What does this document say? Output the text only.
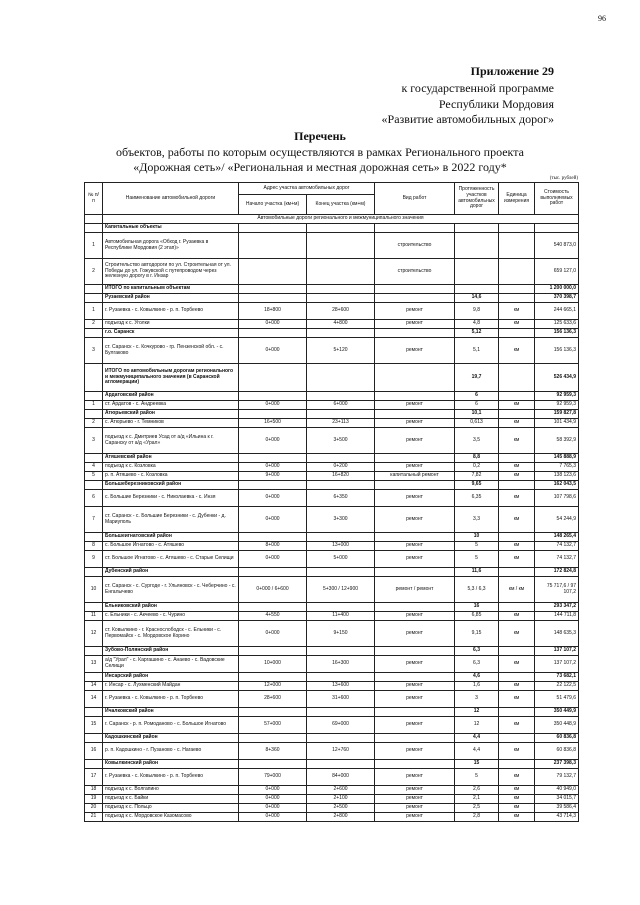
96
Приложение 29
к государственной программе
Республики Мордовия
«Развитие автомобильных дорог»
Перечень
объектов, работы по которым осуществляются в рамках Регионального проекта
«Дорожная сеть»/ «Региональная и местная дорожная сеть» в 2022 году*
(тыс. рублей)
№ п/п	Наименование автомобильной дороги	Адрес участка автомобильных дорог		Вид работ	Протяженность участков автомобильных дорог	Единица измерения	Стоимость выполняемых работ
		Начало участка (км+м)	Конец участка (км+м)				
	Автомобильные дороги регионального и межмуниципального значения						
	Капитальные объекты						
1	Автомобильная дорога «Обход г. Рузаевка в Республике Мордовия (2 этап)»			строительство			540 873,0
2	Строительство автодороги по ул. Строительная от ул. Победы до ул. Гожувской с путепроводом через железную дорогу в г. Инзар			строительство			659 127,0
	ИТОГО по капитальным объектам						1 200 000,0
	Рузаевский район				14,6		370 398,7
1	г. Рузаевка - с. Ковылкино - р. п. Торбеево	18+800	28+600	ремонт	9,8	км	244 665,1
2	подъезд к с. Уголки	0+000	4+800	ремонт	4,8	км	125 633,6
	г.о. Саранск				5,12		156 136,3
3	ст. Саранск - с. Кочкурово - гр. Пензенской обл. - с. Булгаково	0+000	5+120	ремонт	5,1	км	156 136,3
	ИТОГО по автомобильным дорогам регионального и межмуниципального значения (в Саранской агломерации)				19,7		526 434,9
	Ардатовский район				6		92 959,3
1	ст. Ардатов - с. Андреевка	0+000	6+000	ремонт	6	км	92 959,3
	Атюрьевский район				10,1		159 827,8
2	с. Атюрьево - г. Темников	16+500	23+113	ремонт	0,613	км	101 434,9
3	подъезд к с. Дмитриев Усад от а/д «Ильина к г. Саранску от а/д «Урал»	0+000	3+500	ремонт	3,5	км	58 392,9
	Атяшевский район				8,8		145 888,9
4	подъезд к с. Козловка	0+000	0+200	ремонт	0,2	км	7 765,3
5	р. п. Атяшево - с. Козловка	9+000	16+820	капитальный ремонт	7,82	км	138 123,6
	Большеберезниковский район				9,65		162 043,5
6	с. Большие Березники - с. Николаевка - с. Инзя	0+000	6+350	ремонт	6,35	км	107 798,6
7	ст. Саранск - с. Большие Березники - с. Дубенки - д. Мариуполь	0+000	3+300	ремонт	3,3	км	54 244,9
	Большеигнатовский район				10		148 265,4
8	с. Большое Игнатово - с. Атяшево	8+000	13+000	ремонт	5	км	74 132,7
9	ст. Большое Игнатово - с. Атяшево - с. Старые Селищи	0+000	5+000	ремонт	5	км	74 132,7
	Дубенский район				11,6		172 824,8
10	ст. Саранск - с. Сургоде - г. Ульяновск - с. Чеберчино - с. Енгалычево	0+000 / 6+600	5+300 / 12+900	ремонт / ремонт	5,3 / 6,3	км / км	75 717,6 / 97 107,2
	Ельниковский район				16		293 347,2
11	с. Ельники - с. Акчеево - с. Чурино	4+550	11+400	ремонт	6,85	км	144 711,8
12	ст. Ковылкино - г. Краснослободск - с. Ельники - с. Первомайск - с. Мордовское Корино	0+000	9+150	ремонт	9,15	км	148 635,3
	Зубово-Полянский район				6,3		137 107,2
13	а/д "Урал" - с. Каргашино - с. Анаево - с. Вадовские Селищи	10+000	16+300	ремонт	6,3	км	137 107,2
	Инсарский район				4,6		73 682,1
14	г. Инсар - с. Лухменский Майдан	12+000	13+600	ремонт	1,6	км	22 122,5
14	г. Рузаевка - с. Ковылкино - р. п. Торбеево	28+600	31+600	ремонт	3	км	51 479,6
	Ичалковский район				12		350 449,9
15	г. Саранск - р. п. Ромодановo - с. Большое Игнатово	57+000	69+000	ремонт	12	км	350 448,9
	Кадошкинский район				4,4		60 836,8
16	р. п. Кадошкино - г. Пузаново - с. Нагаево	8+360	12+760	ремонт	4,4	км	60 836,8
	Ковылкинский район				15		237 398,3
17	г. Рузаевка - с. Ковылкино - р. п. Торбеево	79+000	84+000	ремонт	5	км	79 132,7
18	подъезд к с. Волгапино	0+000	2+600	ремонт	2,6	км	40 949,0
19	подъезд к с. Байки	0+000	2+100	ремонт	2,1	км	34 015,7
20	подъезд к с. Польцо	0+000	2+500	ремонт	2,5	км	39 586,4
21	подъезд к с. Мордовское Казомасово	0+000	2+800	ремонт	2,8	км	43 714,3
